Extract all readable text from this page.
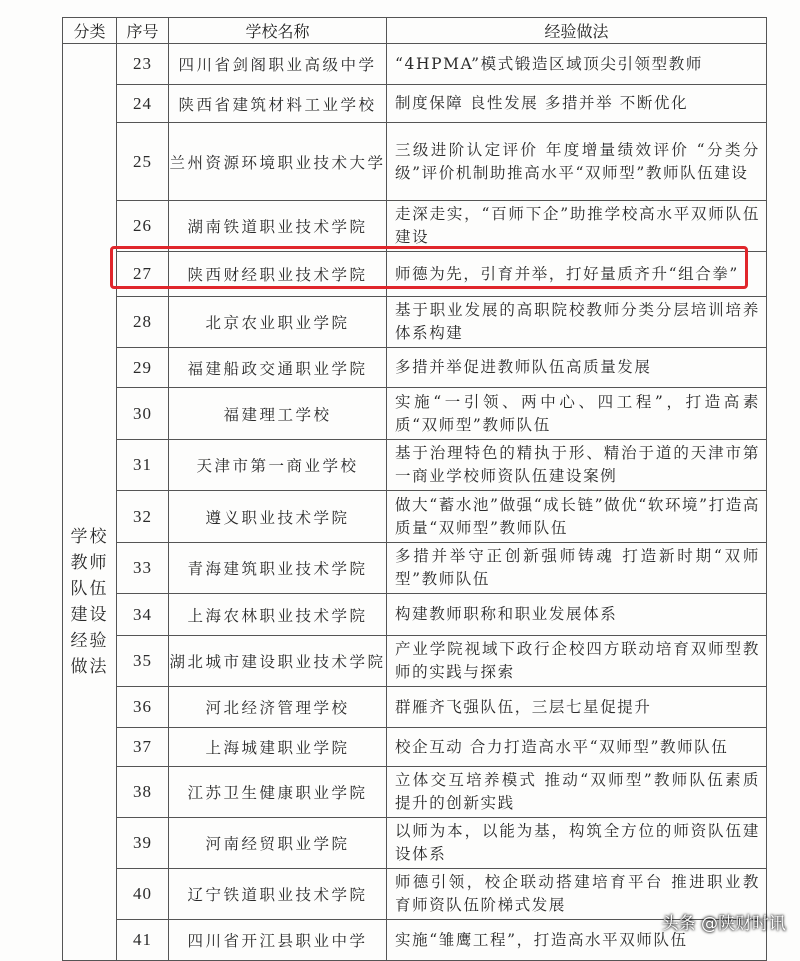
分类	序号	学校名称	经验做法
学校教师队伍建设经验做法	23	四川省剑阁职业高级中学	“4HPMA”模式锻造区域顶尖引领型教师
	24	陕西省建筑材料工业学校	制度保障 良性发展 多措并举 不断优化
	25	兰州资源环境职业技术大学	三级进阶认定评价 年度增量绩效评价 “分类分级”评价机制助推高水平“双师型”教师队伍建设
	26	湖南铁道职业技术学院	走深走实，“百师下企”助推学校高水平双师队伍建设
	27	陕西财经职业技术学院	师德为先，引育并举，打好量质齐升“组合拳”
	28	北京农业职业学院	基于职业发展的高职院校教师分类分层培训培养体系构建
	29	福建船政交通职业学院	多措并举促进教师队伍高质量发展
	30	福建理工学校	实施“一引领、两中心、四工程”，打造高素质“双师型”教师队伍
	31	天津市第一商业学校	基于治理特色的精执于形、精治于道的天津市第一商业学校师资队伍建设案例
	32	遵义职业技术学院	做大“蓄水池”做强“成长链”做优“软环境”打造高质量“双师型”教师队伍
	33	青海建筑职业技术学院	多措并举守正创新强师铸魂 打造新时期“双师型”教师队伍
	34	上海农林职业技术学院	构建教师职称和职业发展体系
	35	湖北城市建设职业技术学院	产业学院视域下政行企校四方联动培育双师型教师的实践与探索
	36	河北经济管理学校	群雁齐飞强队伍，三层七星促提升
	37	上海城建职业学院	校企互动 合力打造高水平“双师型”教师队伍
	38	江苏卫生健康职业学院	立体交互培养模式 推动“双师型”教师队伍素质提升的创新实践
	39	河南经贸职业学院	以师为本，以能为基，构筑全方位的师资队伍建设体系
	40	辽宁铁道职业技术学院	师德引领，校企联动搭建培育平台 推进职业教育师资队伍阶梯式发展
	41	四川省开江县职业中学	实施“雏鹰工程”，打造高水平双师队伍
头条 @陕财时讯
